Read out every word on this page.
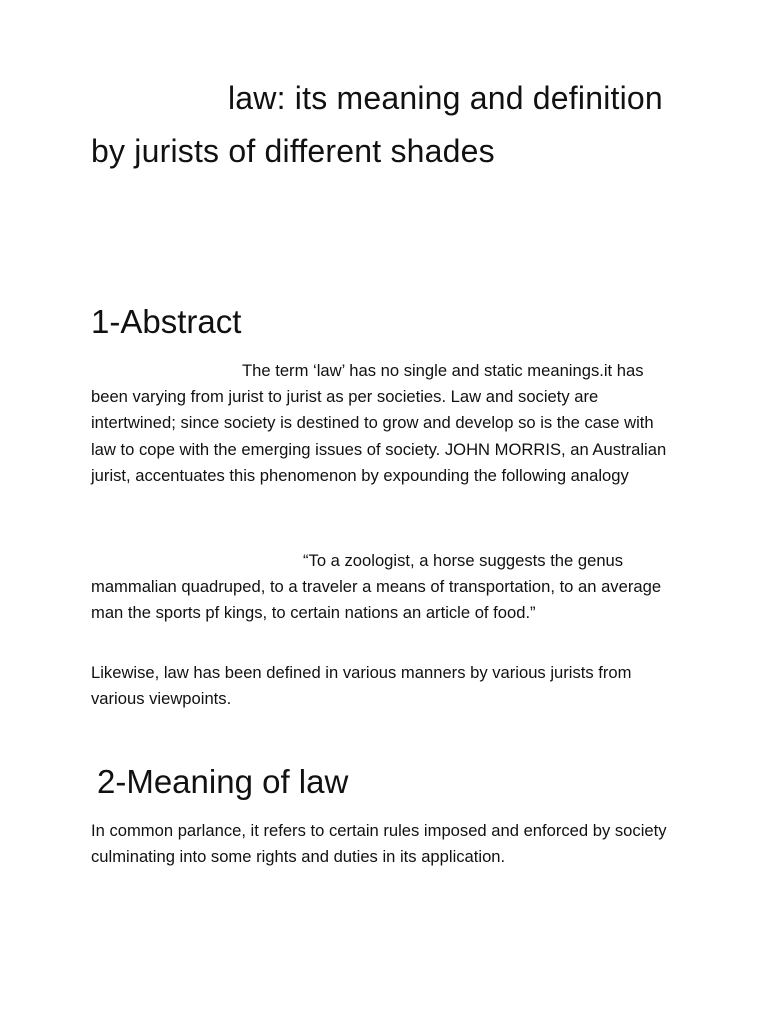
law: its meaning and definition by jurists of different shades
1-Abstract

The term ‘law’ has no single and static meanings.it has been varying from jurist to jurist as per societies. Law and society are intertwined; since society is destined to grow and develop so is the case with law to cope with the emerging issues of society. JOHN MORRIS, an Australian jurist, accentuates this phenomenon by expounding the following analogy

“To a zoologist, a horse suggests the genus mammalian quadruped, to a traveler a means of transportation, to an average man the sports pf kings, to certain nations an article of food.”

Likewise, law has been defined in various manners by various jurists from various viewpoints.

2-Meaning of law

In common parlance, it refers to certain rules imposed and enforced by society culminating into some rights and duties in its application.
